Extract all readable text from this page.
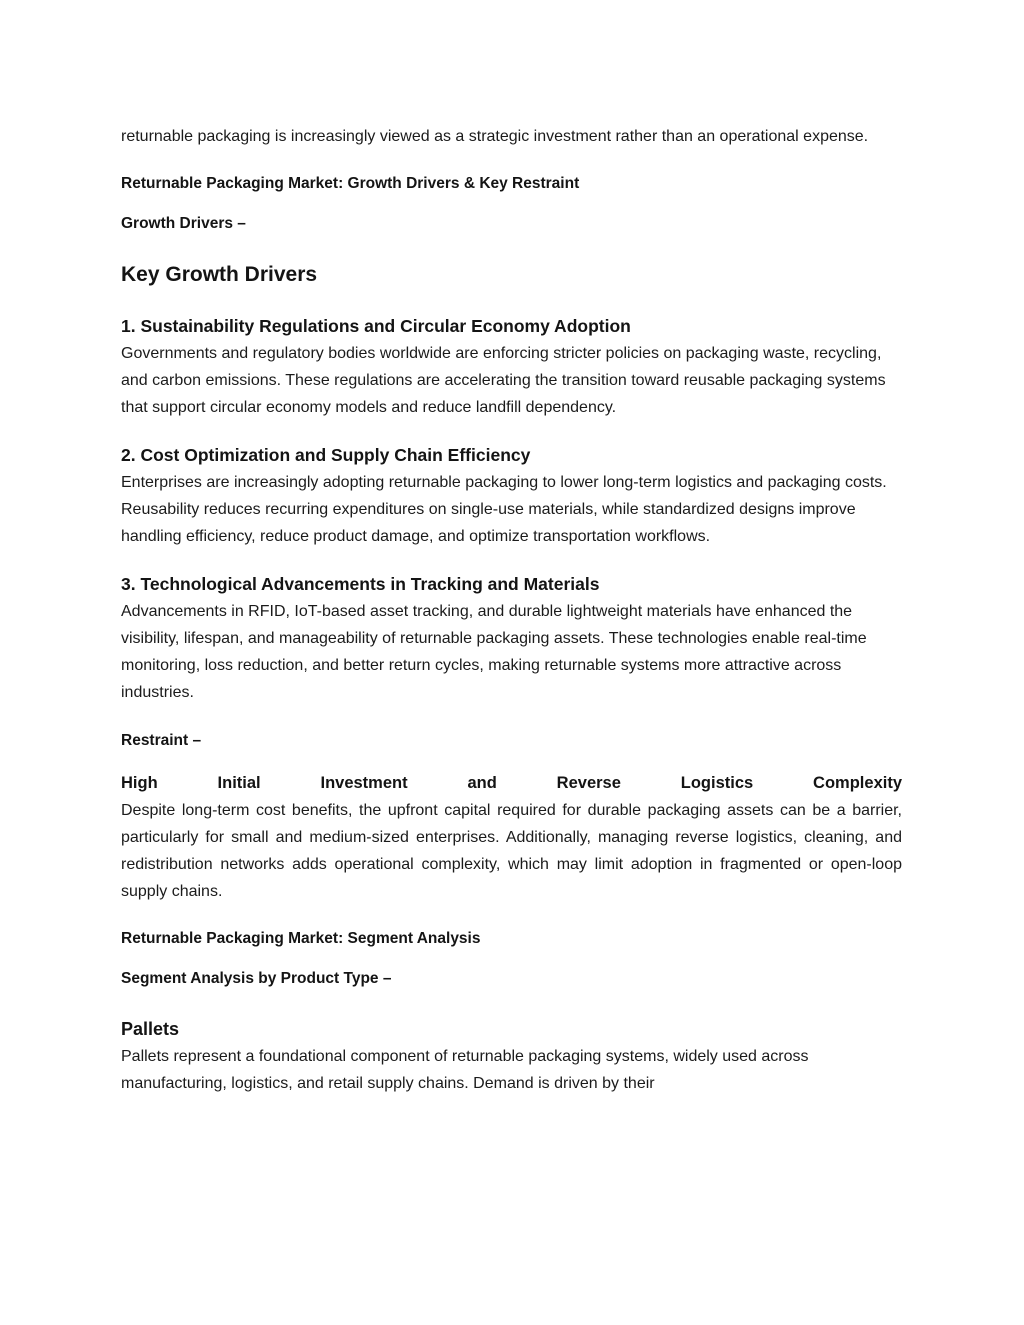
returnable packaging is increasingly viewed as a strategic investment rather than an operational expense.

Returnable Packaging Market: Growth Drivers & Key Restraint

Growth Drivers –

Key Growth Drivers

1. Sustainability Regulations and Circular Economy Adoption
Governments and regulatory bodies worldwide are enforcing stricter policies on packaging waste, recycling, and carbon emissions. These regulations are accelerating the transition toward reusable packaging systems that support circular economy models and reduce landfill dependency.

2. Cost Optimization and Supply Chain Efficiency
Enterprises are increasingly adopting returnable packaging to lower long-term logistics and packaging costs. Reusability reduces recurring expenditures on single-use materials, while standardized designs improve handling efficiency, reduce product damage, and optimize transportation workflows.

3. Technological Advancements in Tracking and Materials
Advancements in RFID, IoT-based asset tracking, and durable lightweight materials have enhanced the visibility, lifespan, and manageability of returnable packaging assets. These technologies enable real-time monitoring, loss reduction, and better return cycles, making returnable systems more attractive across industries.

Restraint –

High Initial Investment and Reverse Logistics Complexity
Despite long-term cost benefits, the upfront capital required for durable packaging assets can be a barrier, particularly for small and medium-sized enterprises. Additionally, managing reverse logistics, cleaning, and redistribution networks adds operational complexity, which may limit adoption in fragmented or open-loop supply chains.

Returnable Packaging Market: Segment Analysis

Segment Analysis by Product Type –

Pallets
Pallets represent a foundational component of returnable packaging systems, widely used across manufacturing, logistics, and retail supply chains. Demand is driven by their
